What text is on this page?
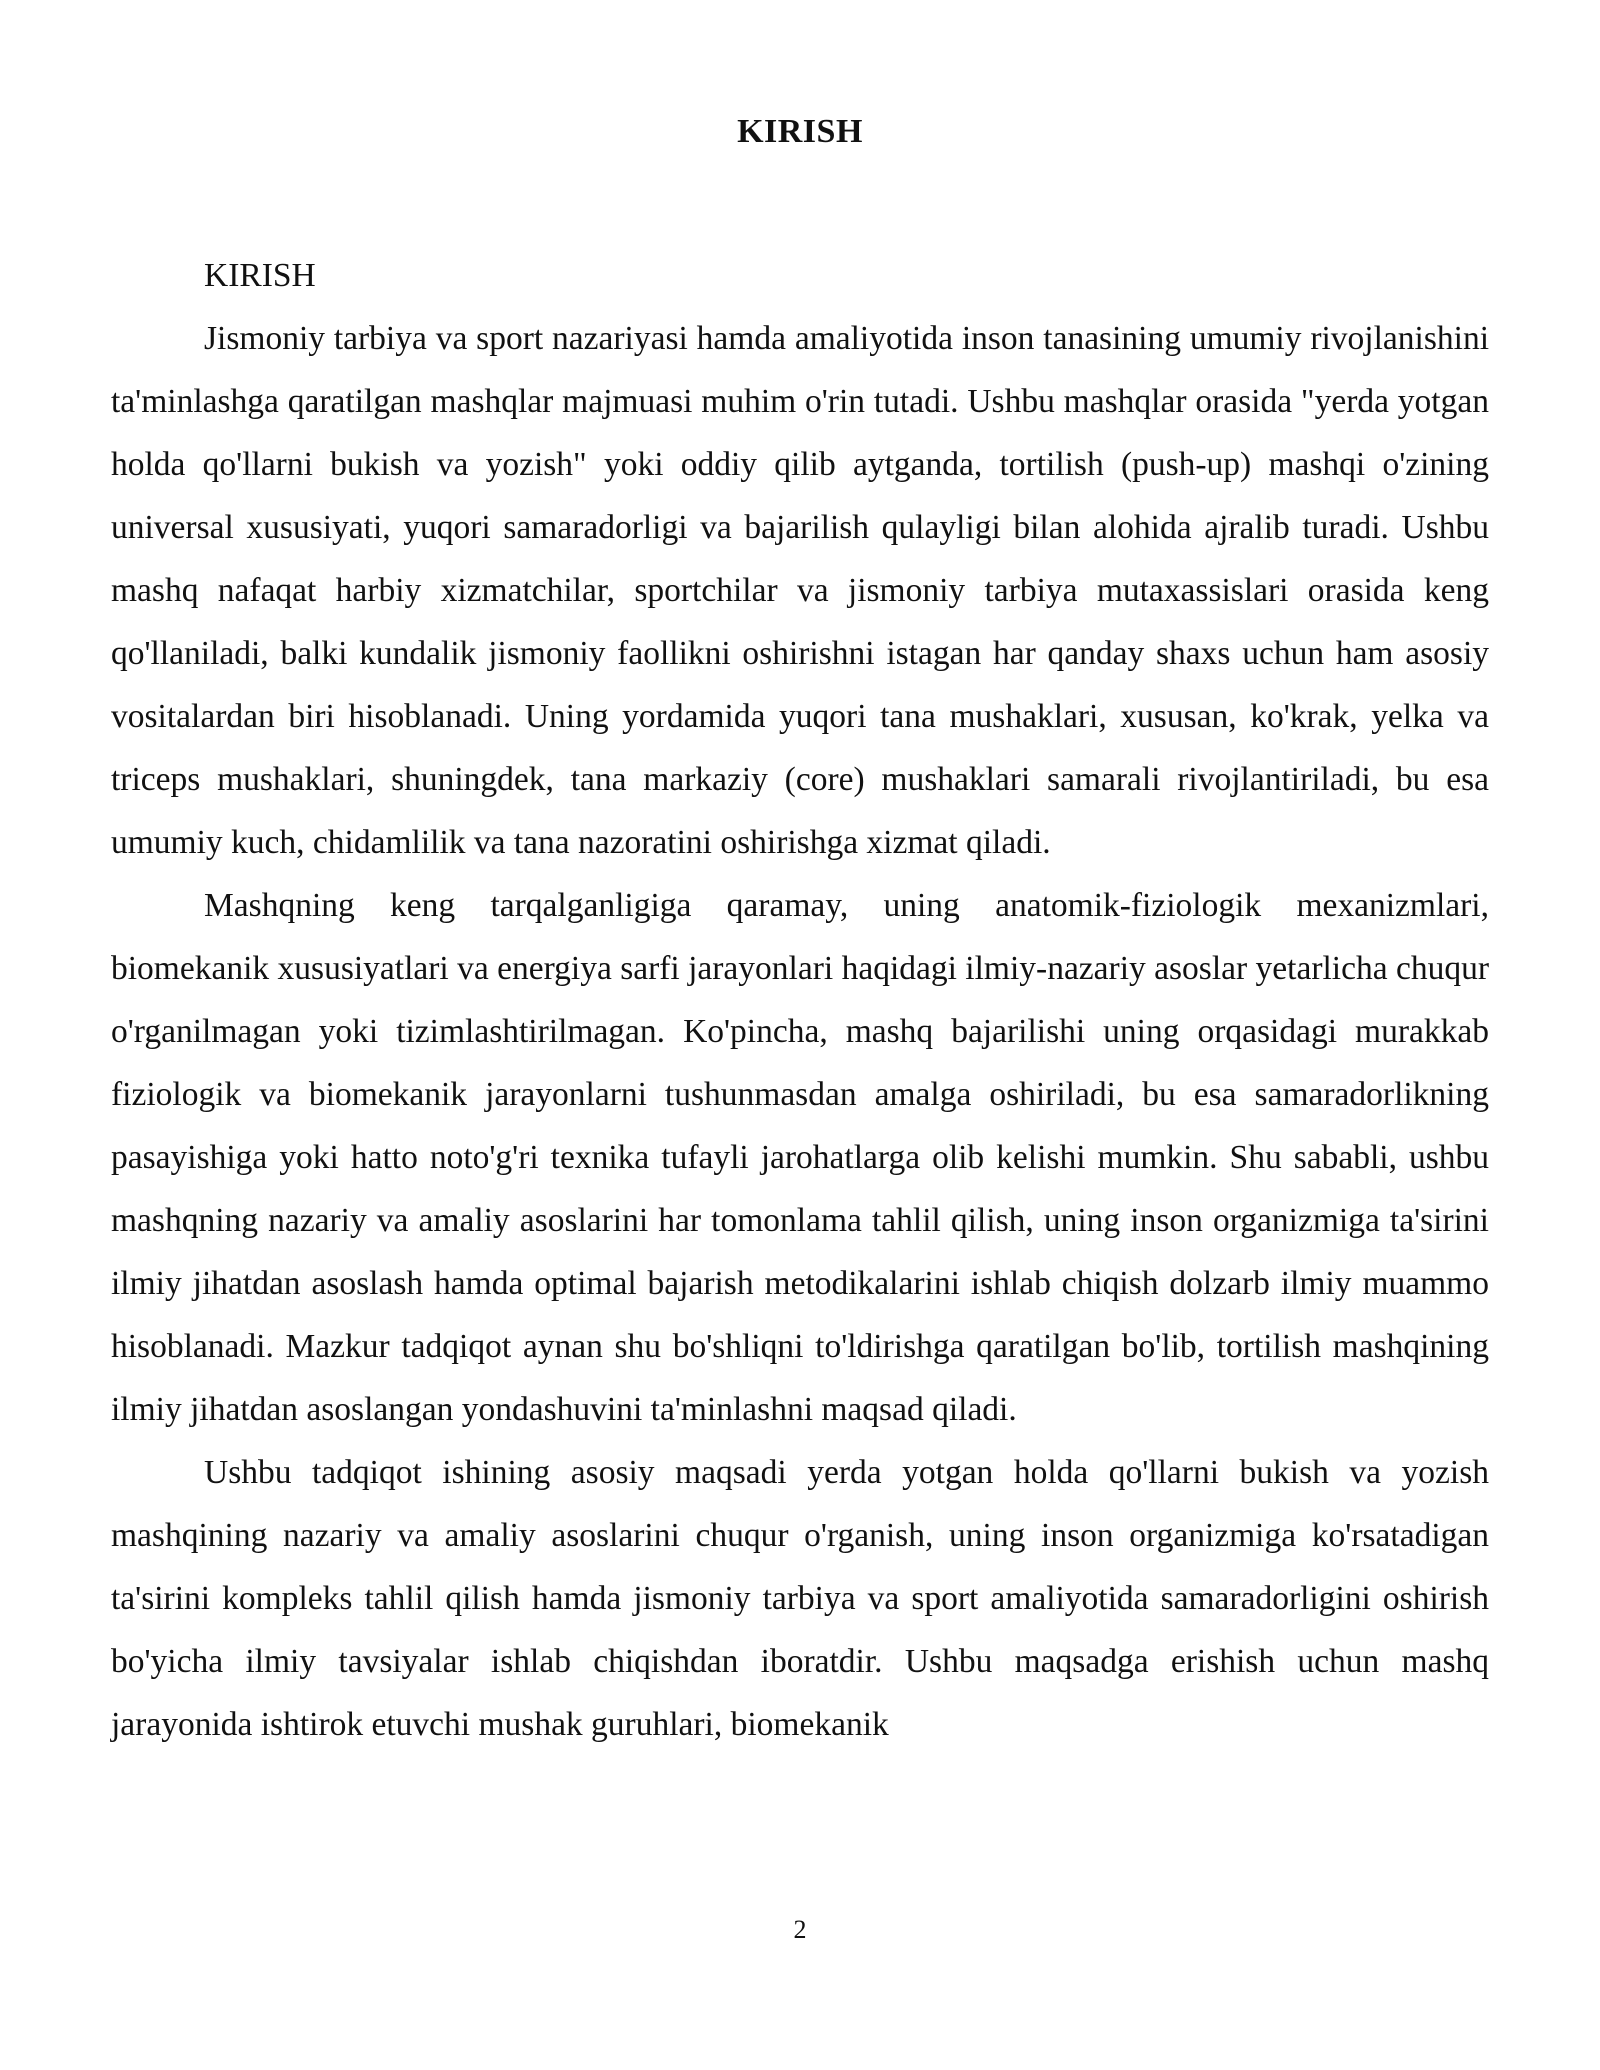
KIRISH

KIRISH

Jismoniy tarbiya va sport nazariyasi hamda amaliyotida inson tanasining umumiy rivojlanishini ta'minlashga qaratilgan mashqlar majmuasi muhim o'rin tutadi. Ushbu mashqlar orasida "yerda yotgan holda qo'llarni bukish va yozish" yoki oddiy qilib aytganda, tortilish (push-up) mashqi o'zining universal xususiyati, yuqori samaradorligi va bajarilish qulayligi bilan alohida ajralib turadi. Ushbu mashq nafaqat harbiy xizmatchilar, sportchilar va jismoniy tarbiya mutaxassislari orasida keng qo'llaniladi, balki kundalik jismoniy faollikni oshirishni istagan har qanday shaxs uchun ham asosiy vositalardan biri hisoblanadi. Uning yordamida yuqori tana mushaklari, xususan, ko'krak, yelka va triceps mushaklari, shuningdek, tana markaziy (core) mushaklari samarali rivojlantiriladi, bu esa umumiy kuch, chidamlilik va tana nazoratini oshirishga xizmat qiladi.

Mashqning keng tarqalganligiga qaramay, uning anatomik-fiziologik mexanizmlari, biomekanik xususiyatlari va energiya sarfi jarayonlari haqidagi ilmiy-nazariy asoslar yetarlicha chuqur o'rganilmagan yoki tizimlashtirilmagan. Ko'pincha, mashq bajarilishi uning orqasidagi murakkab fiziologik va biomekanik jarayonlarni tushunmasdan amalga oshiriladi, bu esa samaradorlikning pasayishiga yoki hatto noto'g'ri texnika tufayli jarohatlarga olib kelishi mumkin. Shu sababli, ushbu mashqning nazariy va amaliy asoslarini har tomonlama tahlil qilish, uning inson organizmiga ta'sirini ilmiy jihatdan asoslash hamda optimal bajarish metodikalarini ishlab chiqish dolzarb ilmiy muammo hisoblanadi. Mazkur tadqiqot aynan shu bo'shliqni to'ldirishga qaratilgan bo'lib, tortilish mashqining ilmiy jihatdan asoslangan yondashuvini ta'minlashni maqsad qiladi.

Ushbu tadqiqot ishining asosiy maqsadi yerda yotgan holda qo'llarni bukish va yozish mashqining nazariy va amaliy asoslarini chuqur o'rganish, uning inson organizmiga ko'rsatadigan ta'sirini kompleks tahlil qilish hamda jismoniy tarbiya va sport amaliyotida samaradorligini oshirish bo'yicha ilmiy tavsiyalar ishlab chiqishdan iboratdir. Ushbu maqsadga erishish uchun mashq jarayonida ishtirok etuvchi mushak guruhlari, biomekanik

2
